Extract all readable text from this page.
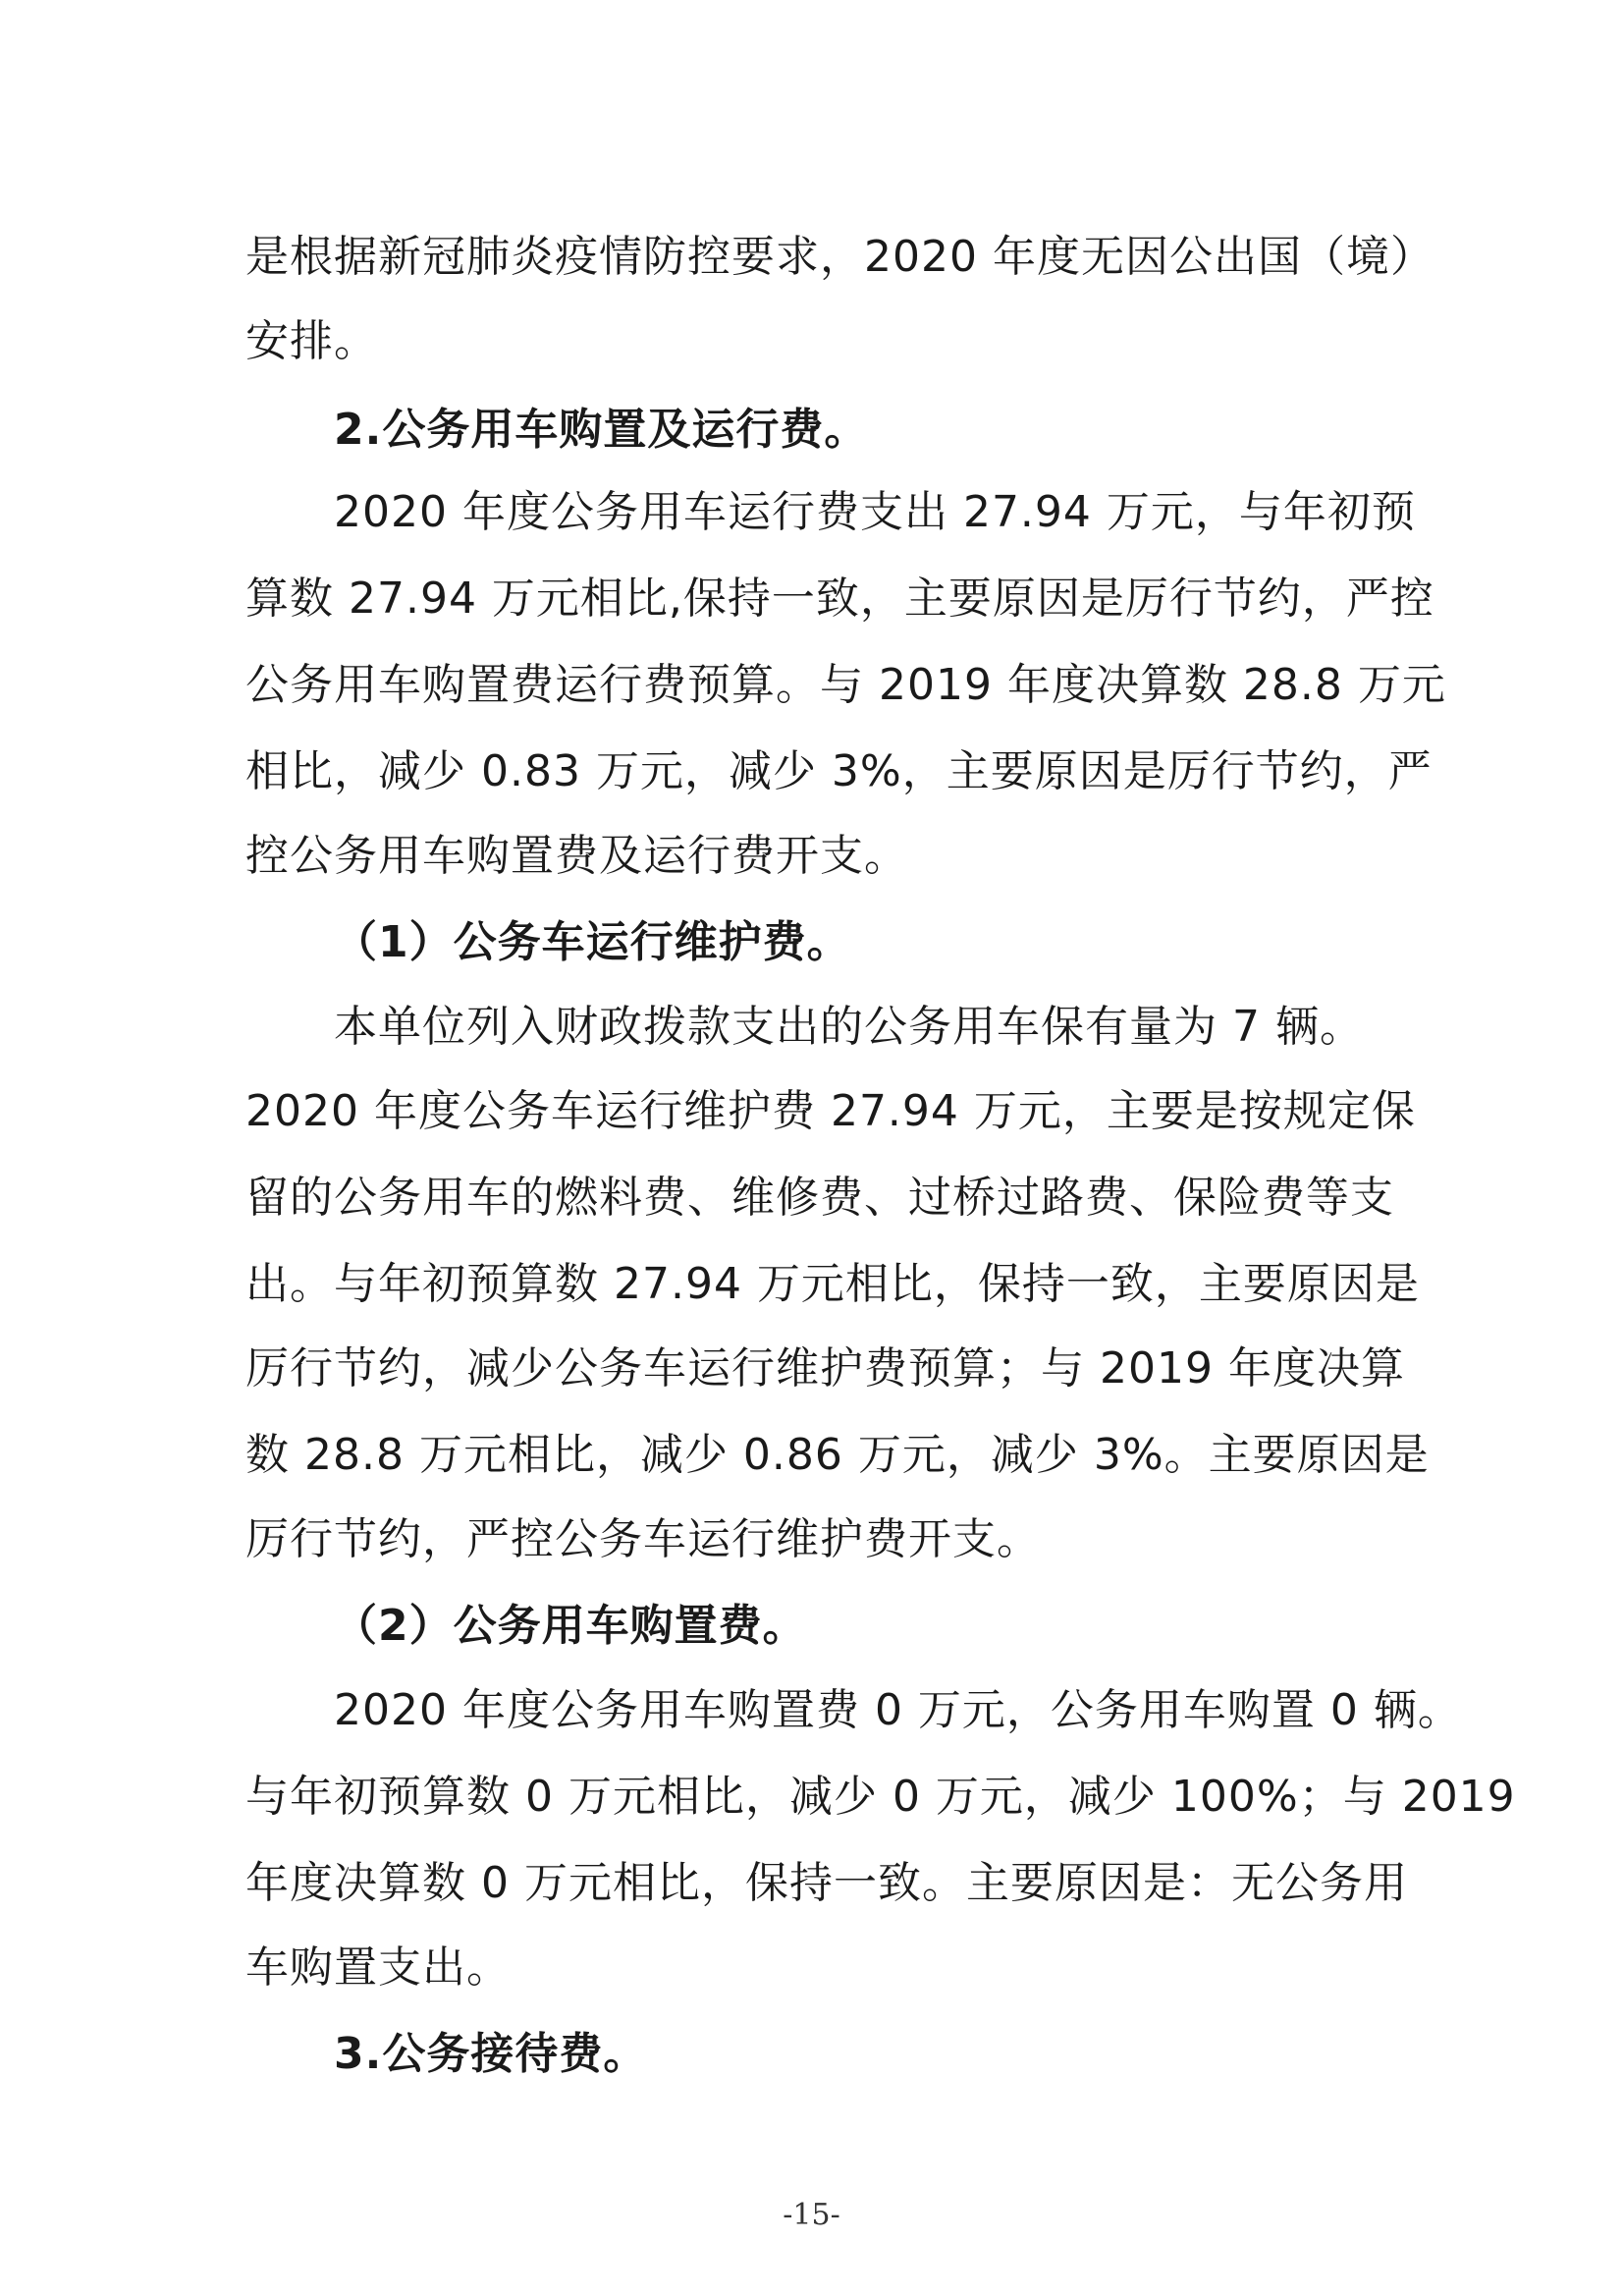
是根据新冠肺炎疫情防控要求，2020 年度无因公出国（境）
安排。
2.公务用车购置及运行费。
2020 年度公务用车运行费支出 27.94 万元，与年初预
算数 27.94 万元相比,保持一致，主要原因是厉行节约，严控
公务用车购置费运行费预算。与 2019 年度决算数 28.8 万元
相比，减少 0.83 万元，减少 3%，主要原因是厉行节约，严
控公务用车购置费及运行费开支。
（1）公务车运行维护费。
本单位列入财政拨款支出的公务用车保有量为 7 辆。
2020 年度公务车运行维护费 27.94 万元，主要是按规定保
留的公务用车的燃料费、维修费、过桥过路费、保险费等支
出。与年初预算数 27.94 万元相比，保持一致，主要原因是
厉行节约，减少公务车运行维护费预算；与 2019 年度决算
数 28.8 万元相比，减少 0.86 万元，减少 3%。主要原因是
厉行节约，严控公务车运行维护费开支。
（2）公务用车购置费。
2020 年度公务用车购置费 0 万元，公务用车购置 0 辆。
与年初预算数 0 万元相比，减少 0 万元，减少 100%；与 2019
年度决算数 0 万元相比，保持一致。主要原因是：无公务用
车购置支出。
3.公务接待费。
-15-
